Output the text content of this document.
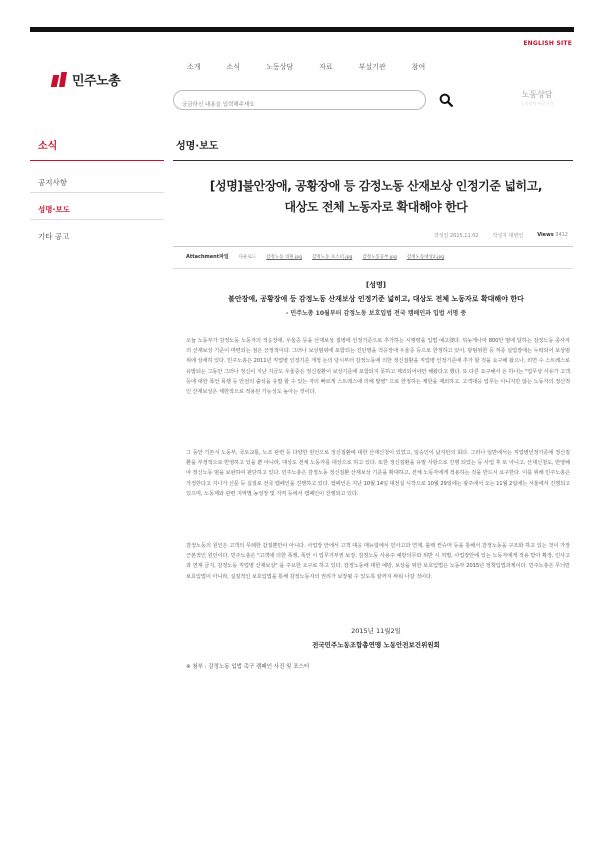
ENGLISH SITE
민주노총
소개	소식	노동상담	자료	부설기관	참여
궁금하신 내용을 입력해주세요
노동상담
노동상담 바로가기
소식
공지사항
성명·보도
기타 공고
성명·보도
[성명]불안장애, 공황장애 등 감정노동 산재보상 인정기준 넓히고,
대상도 전체 노동자로 확대해야 한다
작성일 2015.11.02	작성자 대변인	Views 3412
Attachment파일 다운로드 감정노동 의원.jpg 감정노동 포스터.jpg 감정노동공부.jpg 감정노동대상2.jpg
[성명]
불안장애, 공황장애 등 감정노동 산재보상 인정기준 넓히고, 대상도 전체 노동자로 확대해야 한다
- 민주노총 10월부터 감정노동 보호입법 전국 캠페인과 입법 서명 중

오늘 노동부가 감정노동 노동자의 적응장애, 우울증 등을 산재보상 질병에 인정기준으로 추가하는 시행령을 입법 예고했다. 뒤늦게나마 800만 명에 달하는 감정노동 종사자의 산재보상 기준이 마련되는 점은 긍정적이다. 그러나 보상범위에 포함되는 진단명을 적응장애 우울증 등으로 한정하고 있어, 광범위한 등 직종 실업장애는 누락되어 보상범위에 상세히 있다. 민주노총은 2011년 직업병 인정기준 개정 논의 당시부터 감정노동에 의한 정신질환을 직업병 인정기준에 추가 할 것을 요구해 왔으나, 외면 수 스트레스로 유발되는 그동안 그러나 정신이 지난 지금도 우울증은 정신질환이 보상기준에 포함되지 못하고 제외되어야만 해왔다고 했다. 또 다른 요구해서 온 하나는 "업무상 사유가 고객 등에 대한 폭언 폭행 등 안전의 출석을 유발 할 수 있는 자의 빠르게 스트레스에 의해 발병" 으로 한정하는 제한을 제외하고. 고객대응 업무는 아니지만 않는 노동자의 정신적인 산재보상은 제한적으로 적용된 가능성도 높아는 것이다.

그 동안 기본서 노동부, 국토교통, 노조 관련 등 다양한 원인으로 정신질환에 대한 산재신청이 있었고, 일승인이 났지만의 회다. 그러나 일반에서는 직업병인정기준에 정신질환을 부정적으로 반영하고 있을 뿐 아니라, 대상도 전체 노동자를 대상으로 하고 있다. 또한 정신질환을 유발 사항으로 진행 되었는 등 사업 후 또 아니고, 산재신청도, 반영해야 정신노동 범을 보완하여 판단하고 있다. 민주노총은 감정노동 정신질환 산재보상 기준을 확대하고, 전체 노동자에게 적용하는 것을 반드시 요구한다. 이를 위해 민주노총은 가정한다고 지나가 신문 등 실질로 전국 캠페인을 진행하고 있다. 캠페인은 지난 10월 14일 대전실 시작으로 10월 29일에는 광주에서 오는 11월 2일에는 서울에서 진행되고 있으며, 노동계와 관련 지역별 농성장 및 지역 등에서 캠페인이 진행되고 있다.

감정노동의 원인은 고객의 무례한 갑질뿐만이 아니다. 사업장 안에서 고객 대응 매뉴얼에서 민사고과 연계, 블랙 컨슈머 등을 통해서 감정노동을 구조화 하고 있는 것이 가장 근본적인 원인이다. 민주노총은 "고객에 의한 폭행, 폭언 시 업무거부권 보장, 감정노동 사용주 예방의무와 위반 시 처벌, 사업장안에 있는 노동자에게 적용 받아 확장, 인사고과 연계 금지, 감정노동 직업병 산재보상" 을 주요한 요구로 하고 있다. 감정노동에 대한 예방, 보상을 위한 보호입법은 노동부 2015년 정책입법과제이다. 민주노총은 무늬만 보호입법이 아니라, 실질적인 보호입법을 통해 감정노동자의 권리가 보장될 수 있도록 끝까지 싸워 나갈 것이다.

2015년 11월2일
전국민주노동조합총연맹 노동안전보건위원회
※ 첨부 : 감정노동 입법 촉구 캠페인 사진 및 포스터
